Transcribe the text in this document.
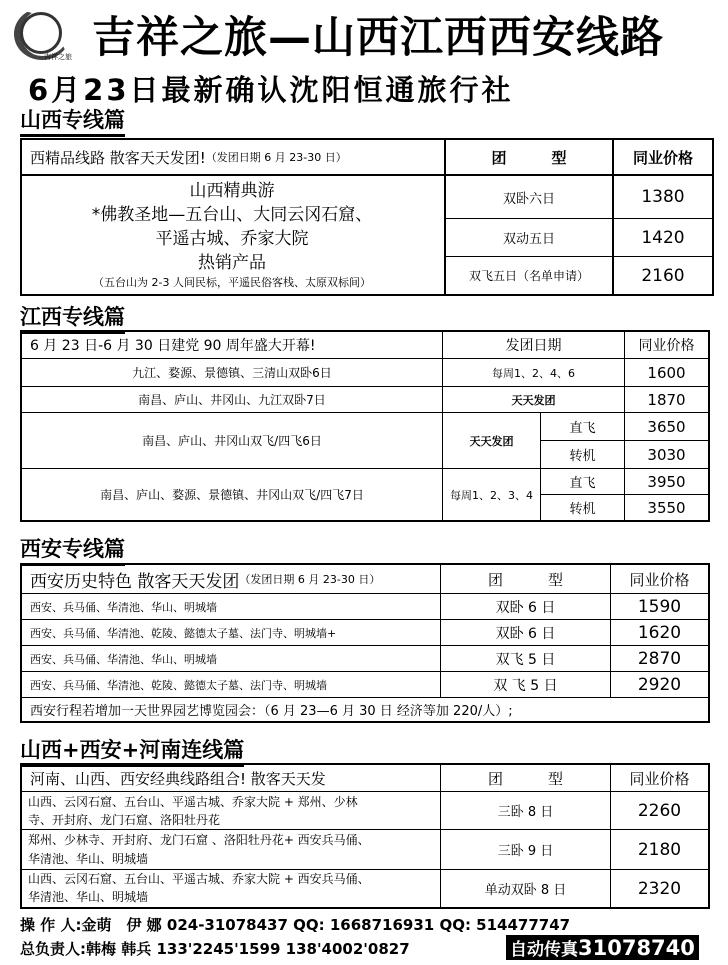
吉祥之旅 吉祥之旅—山西江西西安线路
6月23日最新确认沈阳恒通旅行社
山西专线篇
西精品线路 散客天天发团! （发团日期 6 月 23-30 日）	团　　　型	同业价格
山西精典游
*佛教圣地—五台山、大同云冈石窟、
平遥古城、乔家大院
热销产品
（五台山为 2-3 人间民标，平遥民俗客栈、太原双标间）
双卧六日	1380
双动五日	1420
双飞五日（名单申请）	2160
江西专线篇
6 月 23 日-6 月 30 日建党 90 周年盛大开幕!	发团日期	同业价格
九江、婺源、景德镇、三清山双卧6日	每周1、2、4、6	1600
南昌、庐山、井冈山、九江双卧7日	天天发团	1870
南昌、庐山、井冈山双飞/四飞6日	天天发团
直飞	3650
转机	3030
南昌、庐山、婺源、景德镇、井冈山双飞/四飞7日	每周1、2、3、4
直飞	3950
转机	3550
西安专线篇
西安历史特色 散客天天发团 （发团日期 6 月 23-30 日）	团　　　型	同业价格
西安、兵马俑、华清池、华山、明城墙	双卧 6 日	1590
西安、兵马俑、华清池、乾陵、懿德太子墓、法门寺、明城墙+	双卧 6 日	1620
西安、兵马俑、华清池、华山、明城墙	双飞 5 日	2870
西安、兵马俑、华清池、乾陵、懿德太子墓、法门寺、明城墙	双 飞 5 日	2920
西安行程若增加一天世界园艺博览园会：（6 月 23—6 月 30 日 经济等加 220/人）;
山西+西安+河南连线篇
河南、山西、西安经典线路组合! 散客天天发	团　　　型	同业价格
山西、云冈石窟、五台山、平遥古城、乔家大院 + 郑州、少林
寺、开封府、龙门石窟、洛阳牡丹花	三卧 8 日	2260
郑州、少林寺、开封府、龙门石窟 、洛阳牡丹花+ 西安兵马俑、
华清池、华山、明城墙	三卧 9 日	2180
山西、云冈石窟、五台山、平遥古城、乔家大院 + 西安兵马俑、
华清池、华山、明城墙	单动双卧 8 日	2320
操 作 人:金萌　伊 娜 024-31078437 QQ: 1668716931 QQ: 514477747
总负责人:韩梅 韩兵 133'2245'1599 138'4002'0827	自动传真31078740
